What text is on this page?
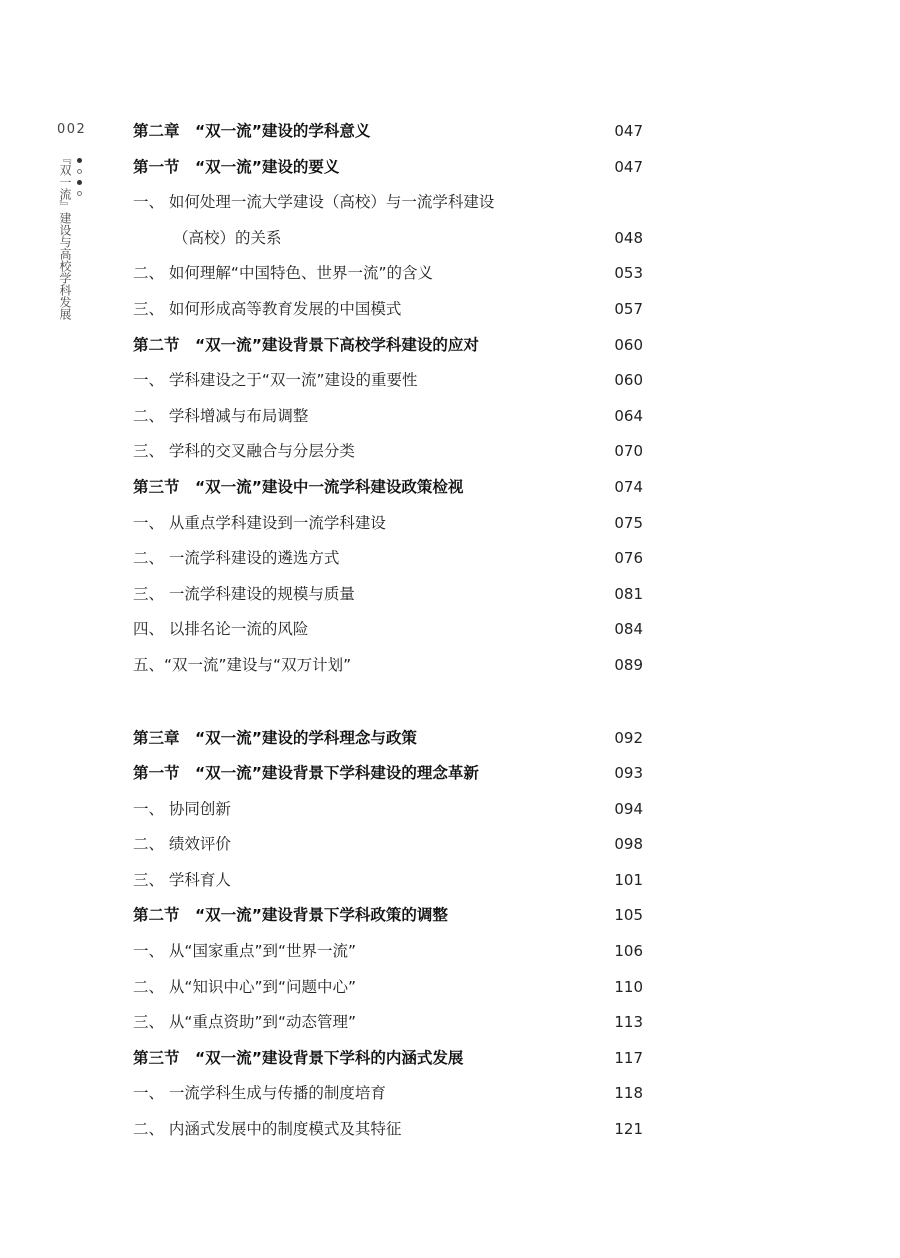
002
『双一流』建设与高校学科发展
第二章　“双一流”建设的学科意义	047
第一节　“双一流”建设的要义	047
一、 如何处理一流大学建设（高校）与一流学科建设
（高校）的关系	048
二、 如何理解“中国特色、世界一流”的含义	053
三、 如何形成高等教育发展的中国模式	057
第二节　“双一流”建设背景下高校学科建设的应对	060
一、 学科建设之于“双一流”建设的重要性	060
二、 学科增减与布局调整	064
三、 学科的交叉融合与分层分类	070
第三节　“双一流”建设中一流学科建设政策检视	074
一、 从重点学科建设到一流学科建设	075
二、 一流学科建设的遴选方式	076
三、 一流学科建设的规模与质量	081
四、 以排名论一流的风险	084
五、“双一流”建设与“双万计划”	089
第三章　“双一流”建设的学科理念与政策	092
第一节　“双一流”建设背景下学科建设的理念革新	093
一、 协同创新	094
二、 绩效评价	098
三、 学科育人	101
第二节　“双一流”建设背景下学科政策的调整	105
一、 从“国家重点”到“世界一流”	106
二、 从“知识中心”到“问题中心”	110
三、 从“重点资助”到“动态管理”	113
第三节　“双一流”建设背景下学科的内涵式发展	117
一、 一流学科生成与传播的制度培育	118
二、 内涵式发展中的制度模式及其特征	121
